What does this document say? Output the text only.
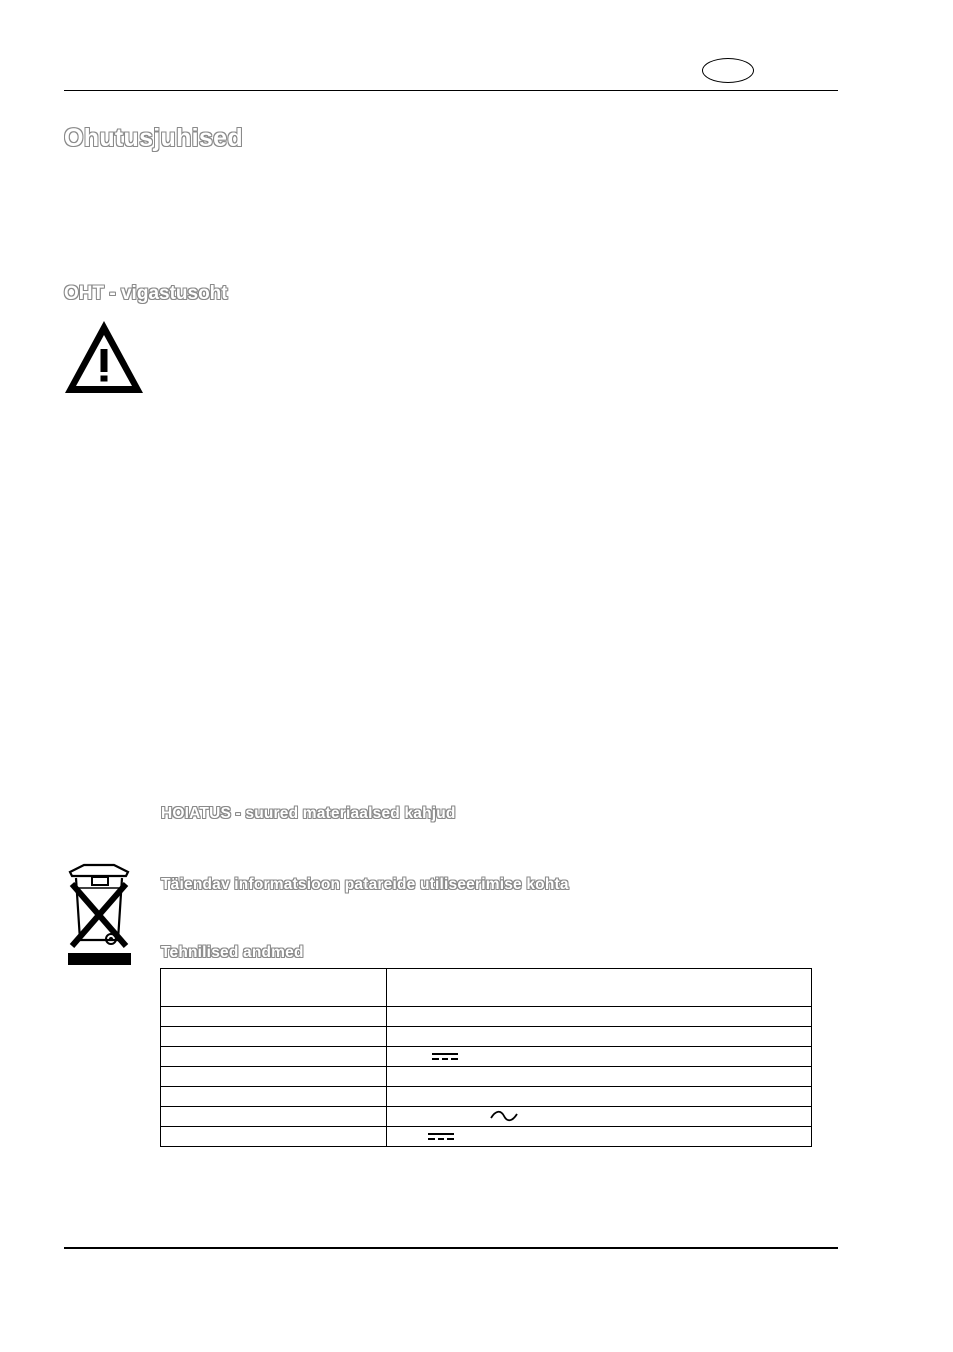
Ohutusjuhised
OHT - vigastusoht
HOIATUS - suured materiaalsed kahjud
Täiendav informatsioon patareide utiliseerimise kohta
Tehnilised andmed
